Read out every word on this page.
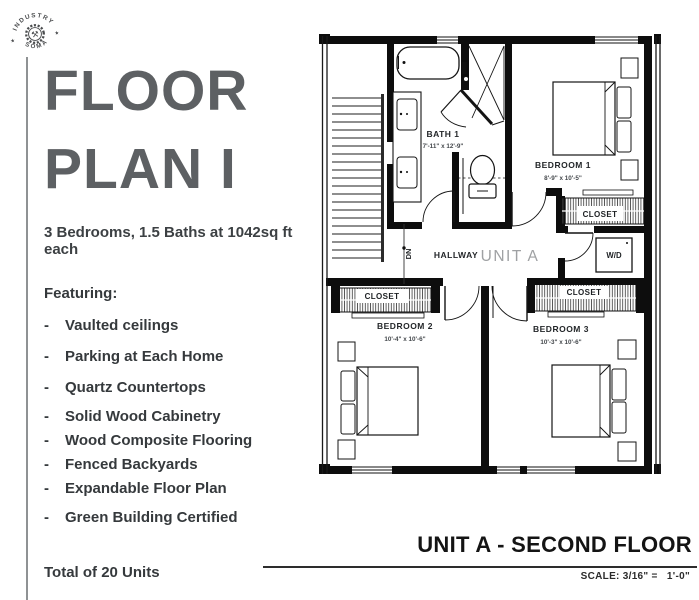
INDUSTRY
SOMA
★
★
⚒
FLOOR
PLAN I

3 Bedrooms, 1.5 Baths at 1042sq ft each

Featuring:

-	Vaulted ceilings
-	Parking at Each Home
-	Quartz Countertops
-	Solid Wood Cabinetry
-	Wood Composite Flooring
-	Fenced Backyards
-	Expandable Floor Plan
-	Green Building Certified

Total of 20 Units

DN
CLOSET
CLOSET	CLOSET
W/D
BATH 1
7'-11" x 12'-9"
BEDROOM 1
8'-9" x 10'-5"
BEDROOM 2
10'-4" x 10'-6"
BEDROOM 3
10'-3" x 10'-6"
HALLWAY UNIT A
UNIT A - SECOND FLOOR
SCALE: 3/16" =   1'-0"
